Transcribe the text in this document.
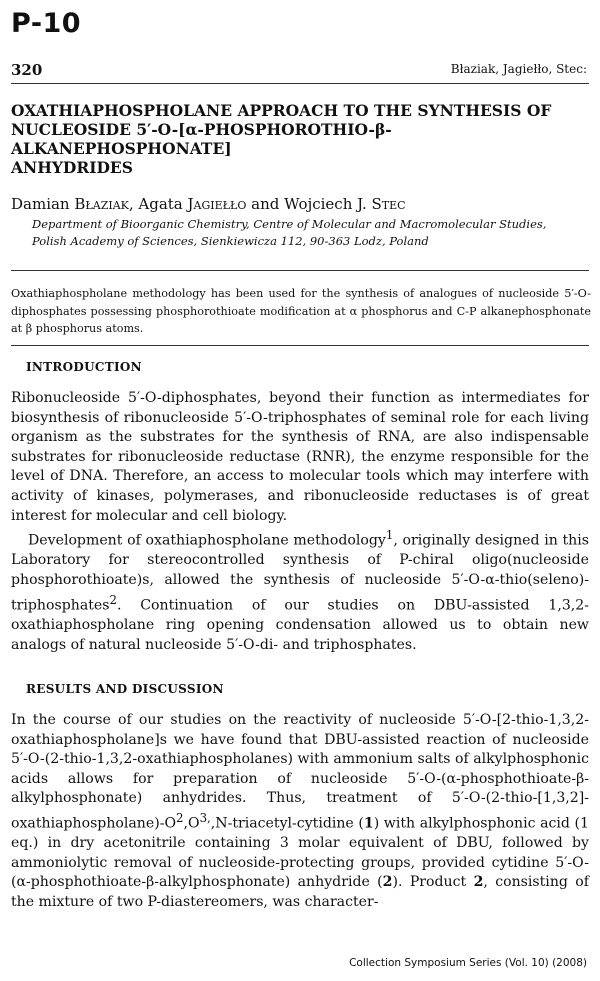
P-10
320	Błaziak, Jagiełło, Stec:
OXATHIAPHOSPHOLANE APPROACH TO THE SYNTHESIS OF
NUCLEOSIDE 5′-O-[α-PHOSPHOROTHIO-β-ALKANEPHOSPHONATE]
ANHYDRIDES
Damian Błaziak, Agata Jagiełło and Wojciech J. Stec
Department of Bioorganic Chemistry, Centre of Molecular and Macromolecular Studies,
Polish Academy of Sciences, Sienkiewicza 112, 90-363 Lodz, Poland
Oxathiaphospholane methodology has been used for the synthesis of analogues of nucleoside 5′-O-diphosphates possessing phosphorothioate modification at α phosphorus and C-P alkanephosphonate at β phosphorus atoms.
INTRODUCTION

Ribonucleoside 5′-O-diphosphates, beyond their function as intermediates for biosynthesis of ribonucleoside 5′-O-triphosphates of seminal role for each living organism as the substrates for the synthesis of RNA, are also indispensable substrates for ribonucleoside reductase (RNR), the enzyme responsible for the level of DNA. Therefore, an access to molecular tools which may interfere with activity of kinases, polymerases, and ribonucleoside reductases is of great interest for molecular and cell biology.

Development of oxathiaphospholane methodology$^1$, originally designed in this Laboratory for stereocontrolled synthesis of P-chiral oligo(nucleoside phosphorothioate)s, allowed the synthesis of nucleoside 5′-O-α-thio(seleno)-triphosphates$^2$. Continuation of our studies on DBU-assisted 1,3,2-oxathiaphospholane ring opening condensation allowed us to obtain new analogs of natural nucleoside 5′-O-di- and triphosphates.

RESULTS AND DISCUSSION

In the course of our studies on the reactivity of nucleoside 5′-O-[2-thio-1,3,2-oxathiaphospholane]s we have found that DBU-assisted reaction of nucleoside 5′-O-(2-thio-1,3,2-oxathiaphospholanes) with ammonium salts of alkylphosphonic acids allows for preparation of nucleoside 5′-O-(α-phosphothioate-β-alkylphosphonate) anhydrides. Thus, treatment of $5'-O-(2-thio-[1,3,2]-oxathiaphospholane)-O^2,O^{3,},N-triacetyl$-cytidine (1) with alkylphosphonic acid (1 eq.) in dry acetonitrile containing 3 molar equivalent of DBU, followed by ammoniolytic removal of nucleoside-protecting groups, provided cytidine 5′-O-(α-phosphothioate-β-alkylphosphonate) anhydride (2). Product 2, consisting of the mixture of two P-diastereomers, was character-

Collection Symposium Series (Vol. 10) (2008)
